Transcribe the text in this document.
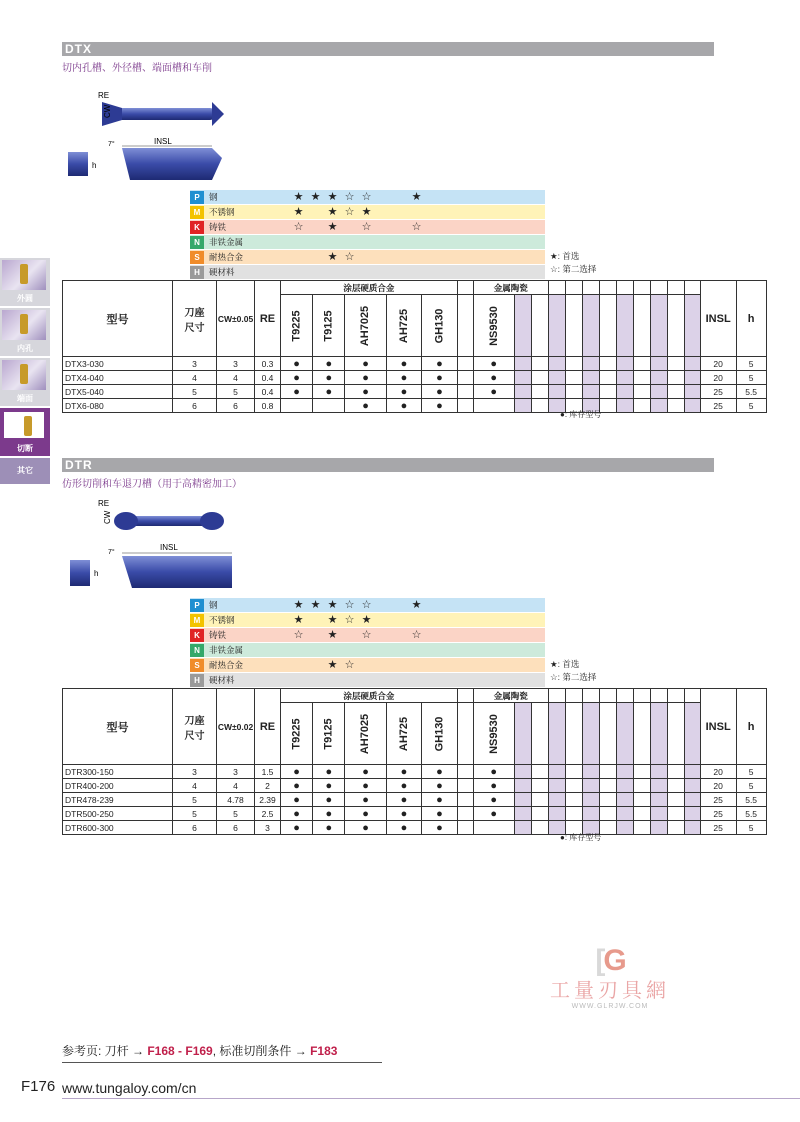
外圆
内孔
端面
切断
其它
DTX
切内孔槽、外径槽、端面槽和车削
RE
CW
INSL
h
7°
P	钢	★ ★ ★ ☆ ☆	★
M	不锈钢	★	★ ☆ ★
K	铸铁	☆	★	☆	☆
N	非铁金属
S	耐热合金	★ ☆
H	硬材料
★: 首选
☆: 第二选择
型号	刀座
尺寸	CW±0.05	RE	涂层硬质合金						金属陶瓷												INSL	h
				T9225	T9125	AH7025	AH725	GH130		NS9530													
DTX3-030	3	3	0.3	●	●	●	●	●		●												20	5
DTX4-040	4	4	0.4	●	●	●	●	●		●												20	5
DTX5-040	5	5	0.4	●	●	●	●	●		●												25	5.5
DTX6-080	6	6	0.8			●	●	●														25	5
●: 库存型号
DTR
仿形切削和车退刀槽（用于高精密加工）
RE
CW
INSL
h
7°
P	钢	★ ★ ★ ☆ ☆	★
M	不锈钢	★	★ ☆ ★
K	铸铁	☆	★	☆	☆
N	非铁金属
S	耐热合金	★ ☆
H	硬材料
★: 首选
☆: 第二选择
型号	刀座
尺寸	CW±0.02	RE	涂层硬质合金						金属陶瓷												INSL	h
				T9225	T9125	AH7025	AH725	GH130		NS9530													
DTR300-150	3	3	1.5	●	●	●	●	●		●												20	5
DTR400-200	4	4	2	●	●	●	●	●		●												20	5
DTR478-239	5	4.78	2.39	●	●	●	●	●		●												25	5.5
DTR500-250	5	5	2.5	●	●	●	●	●		●												25	5.5
DTR600-300	6	6	3	●	●	●	●	●														25	5
●: 库存型号
[G
工量刃具網
WWW.GLRJW.COM
参考页: 刀杆 → F168 - F169, 标准切削条件 → F183
F176 www.tungaloy.com/cn
